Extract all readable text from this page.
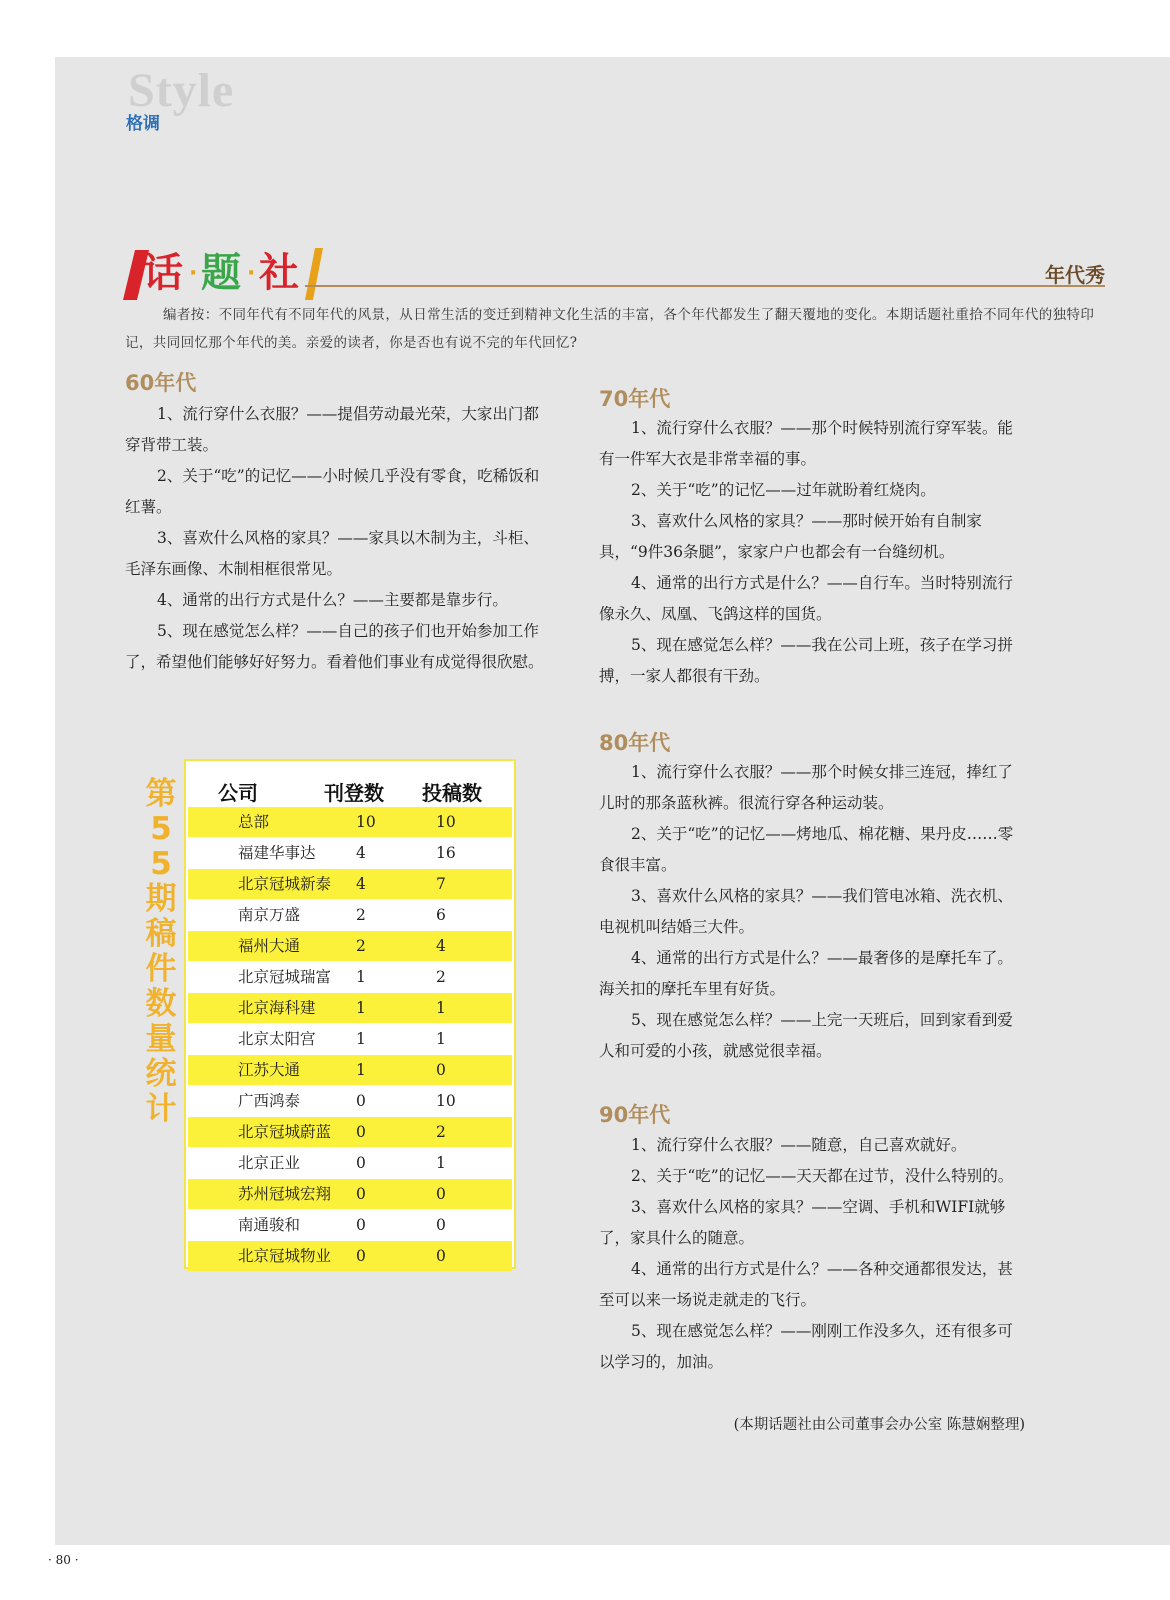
Style
格调
话 · 题 · 社	年代秀
编者按：不同年代有不同年代的风景，从日常生活的变迁到精神文化生活的丰富，各个年代都发生了翻天覆地的变化。本期话题社重拾不同年代的独特印记，共同回忆那个年代的美。亲爱的读者，你是否也有说不完的年代回忆?
60年代

1、流行穿什么衣服？——提倡劳动最光荣，大家出门都穿背带工装。

2、关于“吃”的记忆——小时候几乎没有零食，吃稀饭和红薯。

3、喜欢什么风格的家具？——家具以木制为主，斗柜、毛泽东画像、木制相框很常见。

4、通常的出行方式是什么？——主要都是靠步行。

5、现在感觉怎么样？——自己的孩子们也开始参加工作了，希望他们能够好好努力。看着他们事业有成觉得很欣慰。

70年代

1、流行穿什么衣服？——那个时候特别流行穿军装。能有一件军大衣是非常幸福的事。

2、关于“吃”的记忆——过年就盼着红烧肉。

3、喜欢什么风格的家具？——那时候开始有自制家具，“9件36条腿”，家家户户也都会有一台缝纫机。

4、通常的出行方式是什么？——自行车。当时特别流行像永久、凤凰、飞鸽这样的国货。

5、现在感觉怎么样？——我在公司上班，孩子在学习拼搏，一家人都很有干劲。

80年代

1、流行穿什么衣服？——那个时候女排三连冠，捧红了儿时的那条蓝秋裤。很流行穿各种运动装。

2、关于“吃”的记忆——烤地瓜、棉花糖、果丹皮……零食很丰富。

3、喜欢什么风格的家具？——我们管电冰箱、洗衣机、电视机叫结婚三大件。

4、通常的出行方式是什么？——最奢侈的是摩托车了。海关扣的摩托车里有好货。

5、现在感觉怎么样？——上完一天班后，回到家看到爱人和可爱的小孩，就感觉很幸福。

90年代

1、流行穿什么衣服？——随意，自己喜欢就好。

2、关于“吃”的记忆——天天都在过节，没什么特别的。

3、喜欢什么风格的家具？——空调、手机和WIFI就够了，家具什么的随意。

4、通常的出行方式是什么？——各种交通都很发达，甚至可以来一场说走就走的飞行。

5、现在感觉怎么样？——刚刚工作没多久，还有很多可以学习的，加油。

(本期话题社由公司董事会办公室 陈慧娴整理)
第55期稿件数量统计
公司	刊登数 投稿数
总部	10	10
福建华事达	4	16
北京冠城新泰 4	7
南京万盛	2	6
福州大通	2	4
北京冠城瑞富 1	2
北京海科建	1	1
北京太阳宫	1	1
江苏大通	1	0
广西鸿泰	0	10
北京冠城蔚蓝 0	2
北京正业	0	1
苏州冠城宏翔 0	0
南通骏和	0	0
北京冠城物业 0	0
· 80 ·
